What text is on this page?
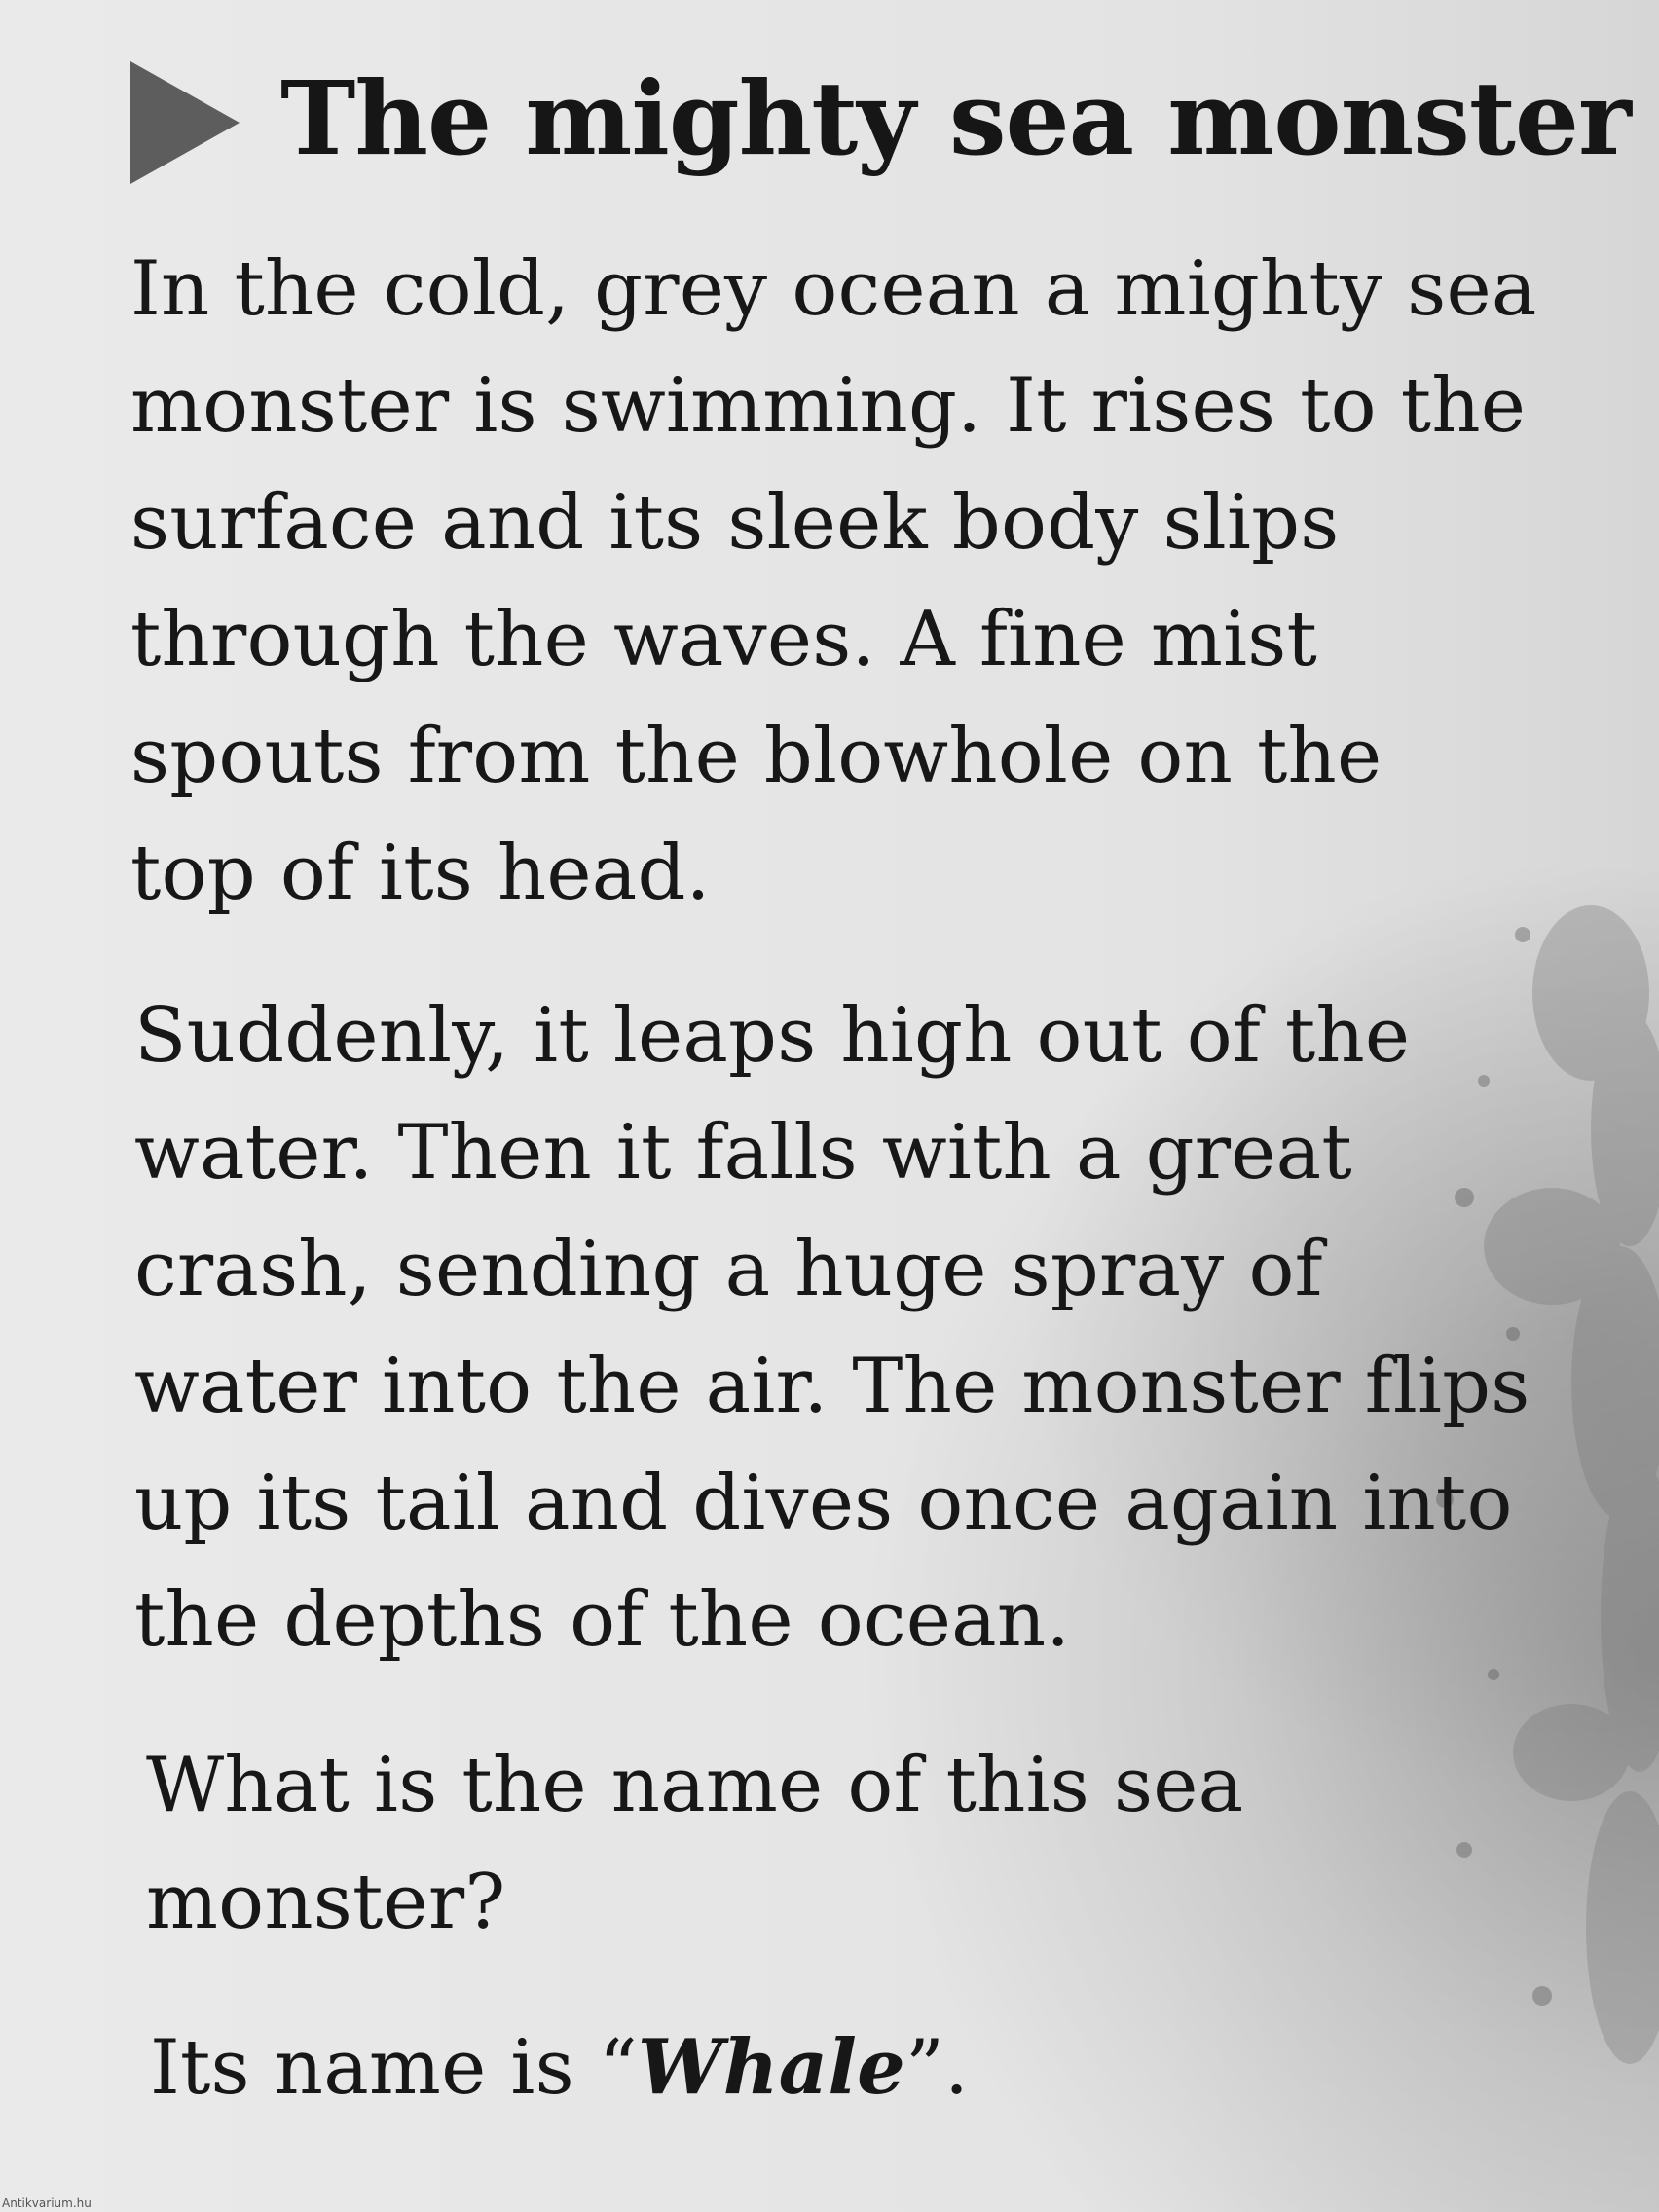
The mighty sea monster

In the cold, grey ocean a mighty sea
monster is swimming. It rises to the
surface and its sleek body slips
through the waves. A fine mist
spouts from the blowhole on the
top of its head.

Suddenly, it leaps high out of the
water. Then it falls with a great
crash, sending a huge spray of
water into the air. The monster flips
up its tail and dives once again into
the depths of the ocean.

What is the name of this sea
monster?

Its name is “Whale”.

Antikvarium.hu
